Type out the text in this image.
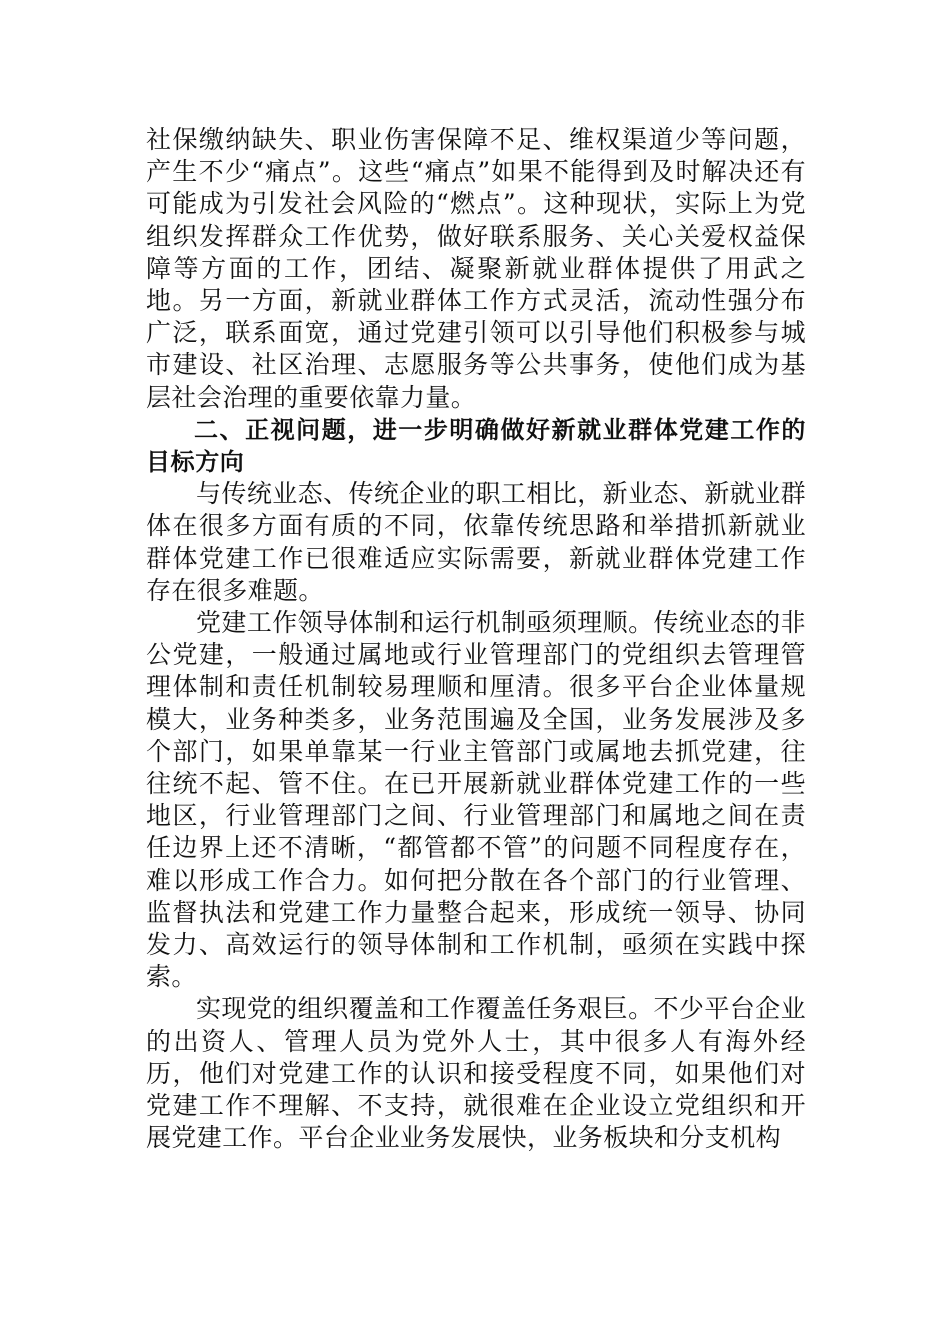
社保缴纳缺失、职业伤害保障不足、维权渠道少等问题，产生不少“痛点”。这些“痛点”如果不能得到及时解决还有可能成为引发社会风险的“燃点”。这种现状，实际上为党组织发挥群众工作优势，做好联系服务、关心关爱权益保障等方面的工作，团结、凝聚新就业群体提供了用武之地。另一方面，新就业群体工作方式灵活，流动性强分布广泛，联系面宽，通过党建引领可以引导他们积极参与城市建设、社区治理、志愿服务等公共事务，使他们成为基层社会治理的重要依靠力量。

二、正视问题，进一步明确做好新就业群体党建工作的目标方向

与传统业态、传统企业的职工相比，新业态、新就业群体在很多方面有质的不同，依靠传统思路和举措抓新就业群体党建工作已很难适应实际需要，新就业群体党建工作存在很多难题。

党建工作领导体制和运行机制亟须理顺。传统业态的非公党建，一般通过属地或行业管理部门的党组织去管理管理体制和责任机制较易理顺和厘清。很多平台企业体量规模大，业务种类多，业务范围遍及全国，业务发展涉及多个部门，如果单靠某一行业主管部门或属地去抓党建，往往统不起、管不住。在已开展新就业群体党建工作的一些地区，行业管理部门之间、行业管理部门和属地之间在责任边界上还不清晰，“都管都不管”的问题不同程度存在，难以形成工作合力。如何把分散在各个部门的行业管理、监督执法和党建工作力量整合起来，形成统一领导、协同发力、高效运行的领导体制和工作机制，亟须在实践中探索。

实现党的组织覆盖和工作覆盖任务艰巨。不少平台企业的出资人、管理人员为党外人士，其中很多人有海外经历，他们对党建工作的认识和接受程度不同，如果他们对党建工作不理解、不支持，就很难在企业设立党组织和开展党建工作。平台企业业务发展快，业务板块和分支机构
